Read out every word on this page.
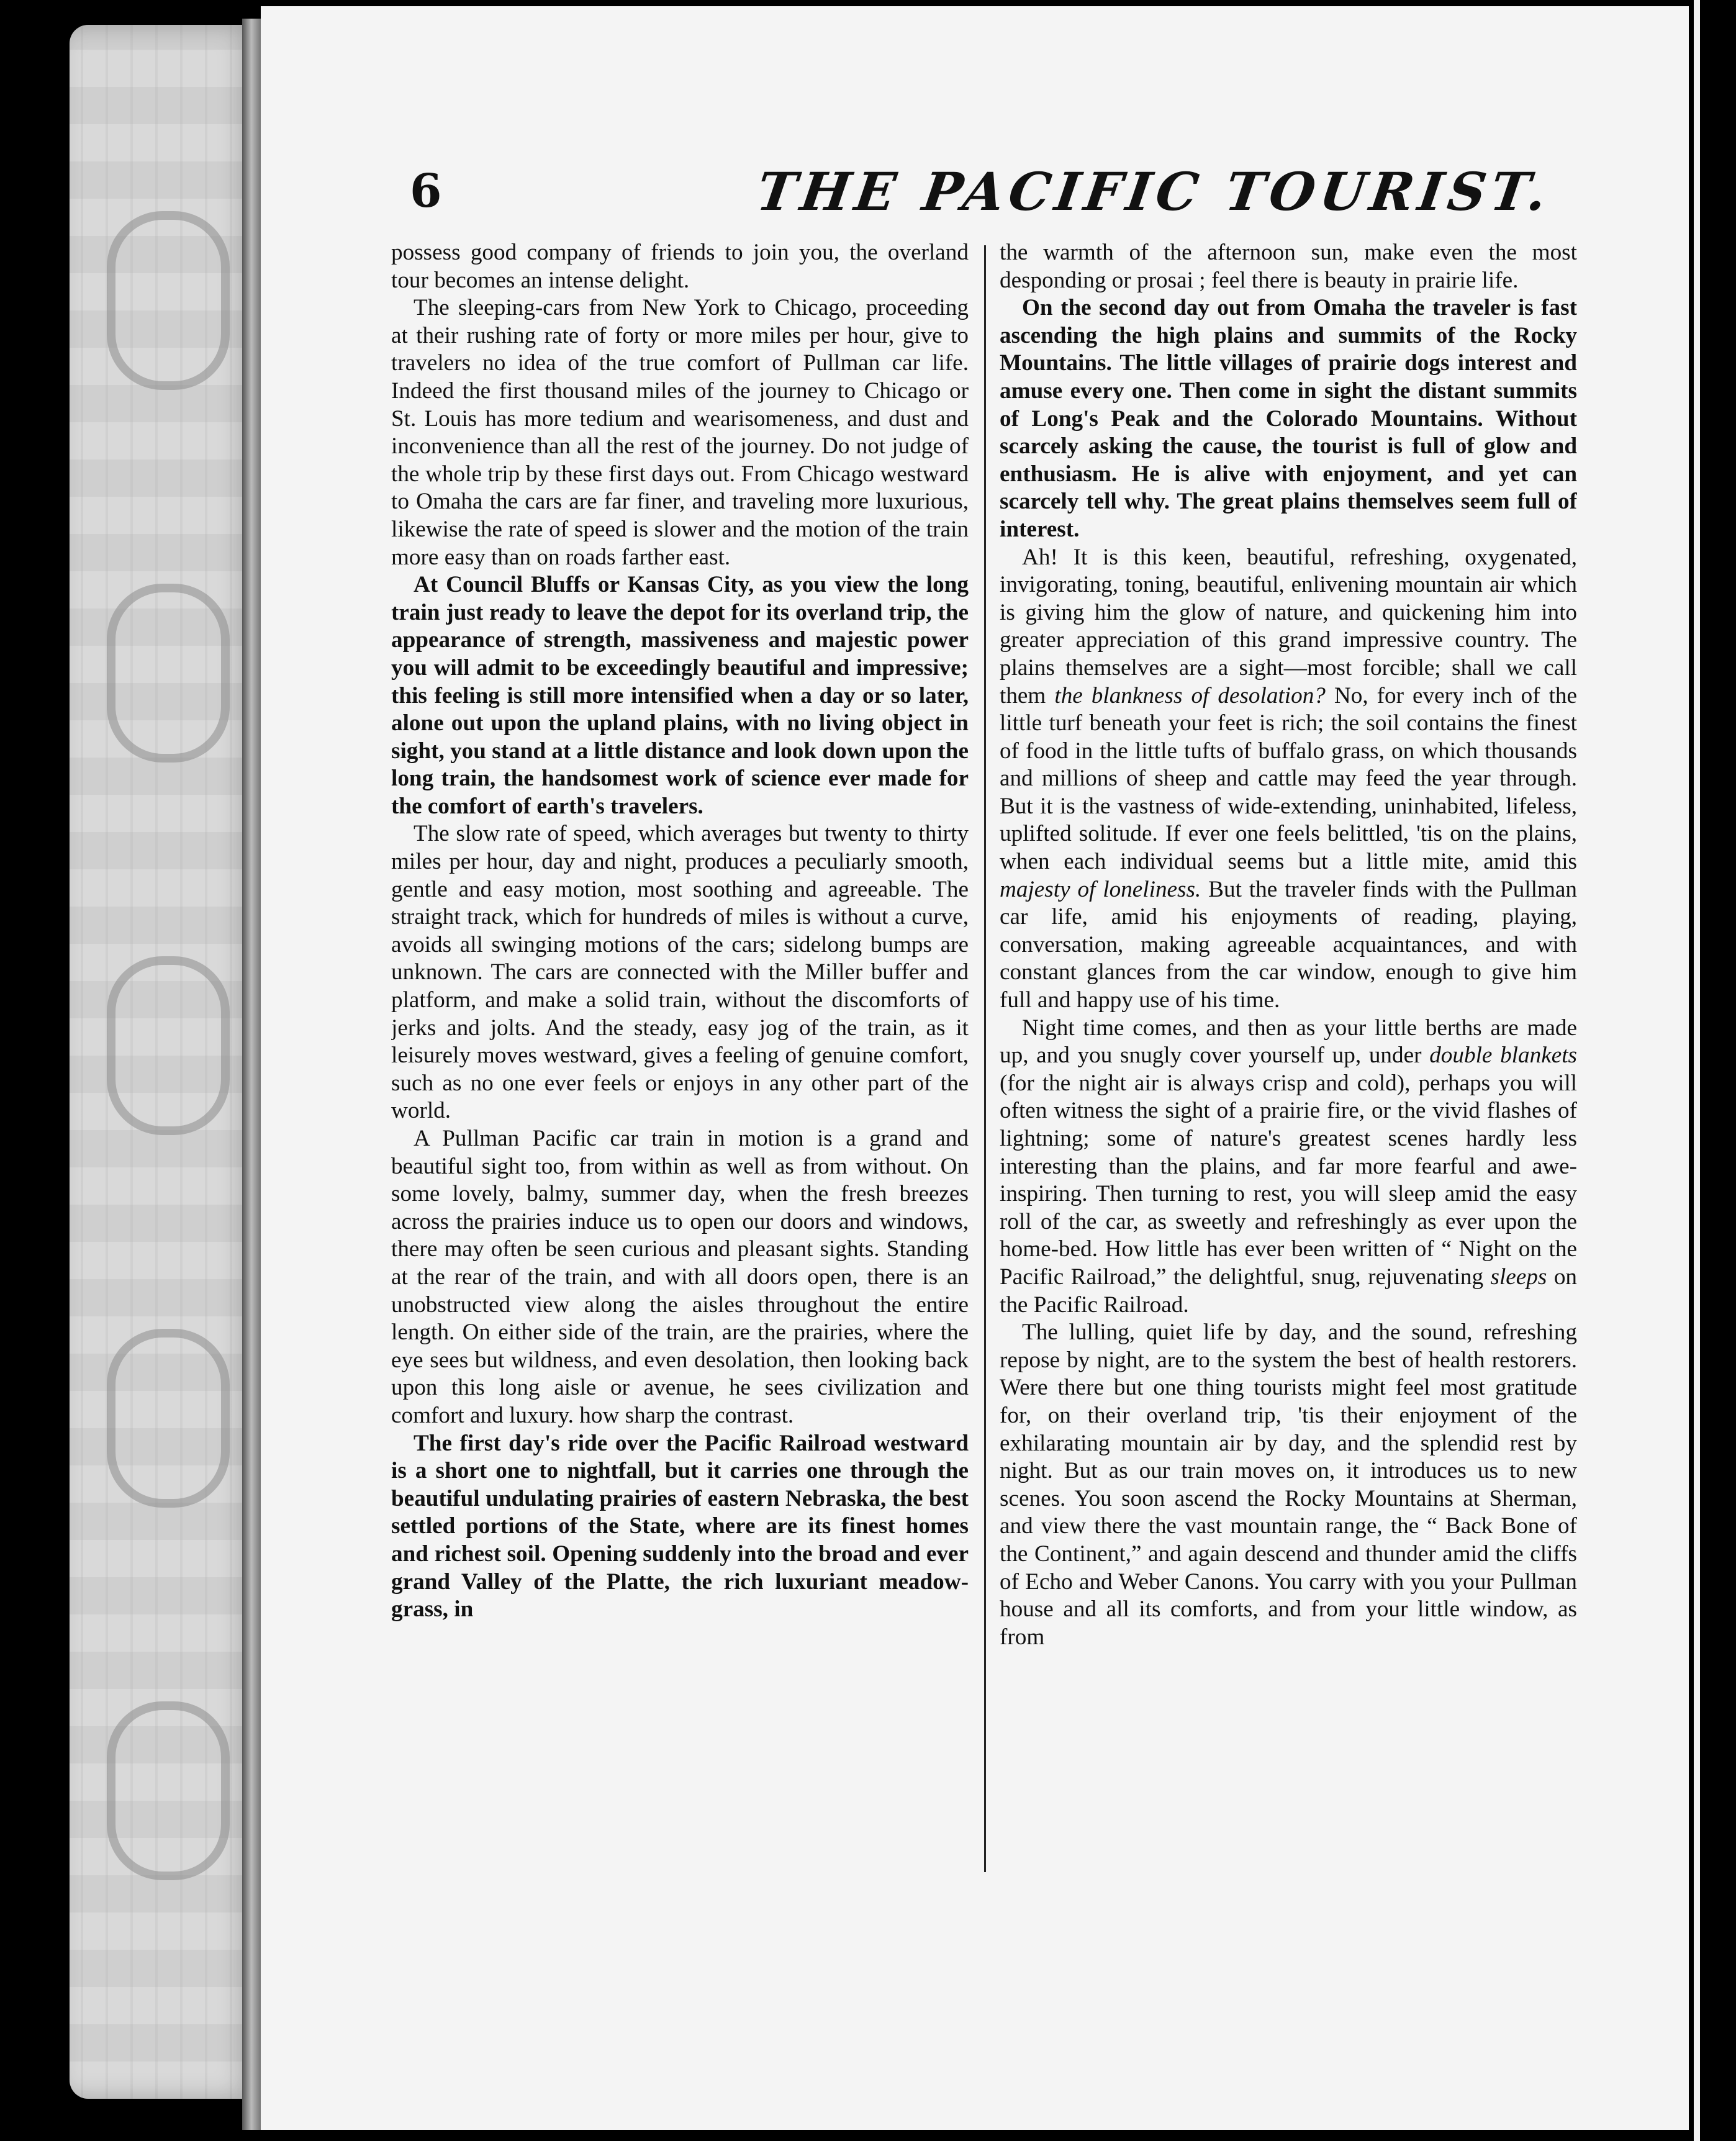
6	THE PACIFIC TOURIST.

possess good company of friends to join you, the overland tour becomes an intense delight.

The sleeping-cars from New York to Chicago, proceeding at their rushing rate of forty or more miles per hour, give to travelers no idea of the true comfort of Pullman car life. Indeed the first thousand miles of the journey to Chicago or St. Louis has more tedium and wearisomeness, and dust and inconvenience than all the rest of the journey. Do not judge of the whole trip by these first days out. From Chicago westward to Omaha the cars are far finer, and traveling more luxurious, likewise the rate of speed is slower and the motion of the train more easy than on roads farther east.

At Council Bluffs or Kansas City, as you view the long train just ready to leave the depot for its overland trip, the appearance of strength, massiveness and majestic power you will admit to be exceedingly beautiful and impressive; this feeling is still more intensified when a day or so later, alone out upon the upland plains, with no living object in sight, you stand at a little distance and look down upon the long train, the handsomest work of science ever made for the comfort of earth's travelers.

The slow rate of speed, which averages but twenty to thirty miles per hour, day and night, produces a peculiarly smooth, gentle and easy motion, most soothing and agreeable. The straight track, which for hundreds of miles is without a curve, avoids all swinging motions of the cars; sidelong bumps are unknown. The cars are connected with the Miller buffer and platform, and make a solid train, without the discomforts of jerks and jolts. And the steady, easy jog of the train, as it leisurely moves westward, gives a feeling of genuine comfort, such as no one ever feels or enjoys in any other part of the world.

A Pullman Pacific car train in motion is a grand and beautiful sight too, from within as well as from without. On some lovely, balmy, summer day, when the fresh breezes across the prairies induce us to open our doors and windows, there may often be seen curious and pleasant sights. Standing at the rear of the train, and with all doors open, there is an unobstructed view along the aisles throughout the entire length. On either side of the train, are the prairies, where the eye sees but wildness, and even desolation, then looking back upon this long aisle or avenue, he sees civilization and comfort and luxury. how sharp the contrast.

The first day's ride over the Pacific Railroad westward is a short one to nightfall, but it carries one through the beautiful undulating prairies of eastern Nebraska, the best settled portions of the State, where are its finest homes and richest soil. Opening suddenly into the broad and ever grand Valley of the Platte, the rich luxuriant meadow-grass, in

the warmth of the afternoon sun, make even the most desponding or prosai ; feel there is beauty in prairie life.

On the second day out from Omaha the traveler is fast ascending the high plains and summits of the Rocky Mountains. The little villages of prairie dogs interest and amuse every one. Then come in sight the distant summits of Long's Peak and the Colorado Mountains. Without scarcely asking the cause, the tourist is full of glow and enthusiasm. He is alive with enjoyment, and yet can scarcely tell why. The great plains themselves seem full of interest.

Ah! It is this keen, beautiful, refreshing, oxygenated, invigorating, toning, beautiful, enlivening mountain air which is giving him the glow of nature, and quickening him into greater appreciation of this grand impressive country. The plains themselves are a sight—most forcible; shall we call them the blankness of desolation? No, for every inch of the little turf beneath your feet is rich; the soil contains the finest of food in the little tufts of buffalo grass, on which thousands and millions of sheep and cattle may feed the year through. But it is the vastness of wide-extending, uninhabited, lifeless, uplifted solitude. If ever one feels belittled, 'tis on the plains, when each individual seems but a little mite, amid this majesty of loneliness. But the traveler finds with the Pullman car life, amid his enjoyments of reading, playing, conversation, making agreeable acquaintances, and with constant glances from the car window, enough to give him full and happy use of his time.

Night time comes, and then as your little berths are made up, and you snugly cover yourself up, under double blankets (for the night air is always crisp and cold), perhaps you will often witness the sight of a prairie fire, or the vivid flashes of lightning; some of nature's greatest scenes hardly less interesting than the plains, and far more fearful and awe-inspiring. Then turning to rest, you will sleep amid the easy roll of the car, as sweetly and refreshingly as ever upon the home-bed. How little has ever been written of “ Night on the Pacific Railroad,” the delightful, snug, rejuvenating sleeps on the Pacific Railroad.

The lulling, quiet life by day, and the sound, refreshing repose by night, are to the system the best of health restorers. Were there but one thing tourists might feel most gratitude for, on their overland trip, 'tis their enjoyment of the exhilarating mountain air by day, and the splendid rest by night. But as our train moves on, it introduces us to new scenes. You soon ascend the Rocky Mountains at Sherman, and view there the vast mountain range, the “ Back Bone of the Continent,” and again descend and thunder amid the cliffs of Echo and Weber Canons. You carry with you your Pullman house and all its comforts, and from your little window, as from
